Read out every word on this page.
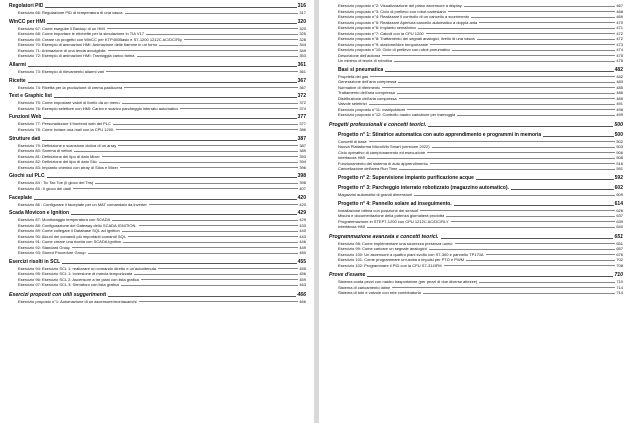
Regolatori PID	316
Esercizio 66: Regolazione PID di temperatura di una vasca	317
WinCC per HMI	320
Esercizio 67: Come eseguire il Backup di un HMI	320
Esercizio 68: Come importare le etichette per la simulazione in TIA V17	325
Esercizio 69: Creare un progetto con WinCC per KTP400Basic e S7-1200 1212C AC/DC/Rly	328
Esercizio 70: Esempio di animazioni HMI: Animazione delle fiamme in un forno	344
Esercizio 71: Animazione di una tenda avvolgibile	349
Esercizio 72: Esempio di animazioni HMI: Tramoggia carico farina	353
Allarmi	361
Esercizio 73: Esempio di rilevamento allarmi vari	361
Ricette	367
Esercizio 74: Ricetta per la produzione di crema pasticcera	367
Text e Graphic list	372
Esercizio 75: Come impostare valori di livello da un menu	372
Esercizio 76: Esempio selettore con HMI: Carico e scarico parcheggio interrato automatico	374
Funzioni Web	377
Esercizio 77: Personalizzare il frontend web del PLC	377
Esercizio 78: Come inviare una mail con la CPU 1200.	386
Strutture dati	387
Esercizio 79: Definizione e scansione ciclica di un array	387
Esercizio 80: Somma di vettori	389
Esercizio 81: Definizione del tipo di dato Mixer	393
Esercizio 82: Definizione del tipo di dato Silo	394
Esercizio 83: Impianto chimico con array di Silos e Mixer	396
Giochi sul PLC	398
Esercizio 84 : Tic Tac Toe (il gioco del Tris)	398
Esercizio 85 : Il gioco dei dadi	407
Faceplate	420
Esercizio 86 : Configurare il faceplate per un MAT comandato da inverter	420
Scada Movicon e Ignition	429
Esercizio 87: Monitoraggio temperatura con SCADA	429
Esercizio 88: Configurazione del Gateway dello SCADA IGNITION.	433
Esercizio 89: Come collegare il Database SQL ad Ignition	440
Esercizio 90: Alcuni dei comandi più importanti comandi SQL	443
Esercizio 91: Come creare una ricetta con SCADA Ignition	446
Esercizio 92: Standard Group	449
Esercizio 93: Stored Procedure Group	450
Esercizi risolti in SCL	455
Esercizio 94: Esercizio SCL 1: realizzare un comando diretto e un'autoritenuta	455
Esercizio 95: Esercizio SCL 1: Inversione di marcia temporizzata	456
Esercizio 96: Esercizio SCL 2: Ascensore a tre piani con lista grafica	459
Esercizio 97: Esercizio SCL 3: Semaforo con lista grafica	463
Esercizi proposti con utili suggerimenti	466
Esercizio proposto n°1: Automazione di un ascensore/montacarichi	466
Esercizio proposto n°2: Visualizzazione del piano ascensore a display.	467
Esercizio proposto n°3: Ciclo di prelievo con robot cartesiano	468
Esercizio proposto n°4: Realizzare il controllo di un cancello a scorrimento	469
Esercizio proposto n°5: Realizzare Apertura cancello automatico a doppia anta	470
Esercizio proposto n°6: Impianto semaforico	471
Esercizio proposto n°7: Calcoli con la CPU 1200	472
Esercizio proposto n°8: Trattamento dei segnali analogici, livello di una vasca	472
Esercizio proposto n°9: stazione/idee temporizzate	473
Esercizio proposto n°10: Ciclo di prelievo con robot pneumatico	474
Descrizione dell'automa	475
Un minimo di teoria di robotica	475
Basi si pneumatica	482
Proprietà dei gas	482
Generazione dell'aria compressa	483
Normative di riferimento	485
Trattamento dell'aria compressa	486
Distribuzione dell'aria compressa	489
Valvole selettrici	491
Esercizio proposto n°11: manipolatore	498
Esercizio proposto n°12: Controllo nastro caricatore per tramoggia	499
Progetti professionali e concetti teorici.	500
Progetto n° 1: Stiratrice automatica con auto apprendimento e programmi in memoria	500
Concetti di base	502
Nuova Piattaforma MicroWin Smart (versione 2022)	503
Ciclo operativo di campionamento ed esecuzione	506
Interfaccia HMI	508
Funzionamento del sistema di auto apprendimento	516
Cancellazione dell'area Run Time	591
Progetto n° 2: Supervisione impianto purificazione acque	592
Progetto n° 3: Parcheggio interrato robotizzato (magazzino automatico).	602
Magazzini automatici di grandi dimensioni	609
Progetto n° 4: Pannello solare ad inseguimento.	614
Installazione ottima con posizione dei sensori	626
Misura e documentazione della potenza giornaliera prodotta	637
Programmazione in STEP7-1200 con CPU 1212C AC/DC/RLY	639
Interfaccia HMI	640
Programmazione avanzata e concetti teorici.	651
Esercizio 98: Come implementare una sicurezza presenza uomo	651
Esercizio 99: Come caricare un segnale analogico	657
Esercizio 100: Un ascensore a quattro piani svolto con S7-300 e pannello TP170A	676
Esercizio 101: Come programmare un'uscita a impulsi per PTO e PWM	702
Esercizio 102: Programmare il PID con la CPU S7-314IFM	708
Prove d'esame	710
Sistema conta pezzi con nastro trasportatore (per pezzi di due diverse altezze)	710
Sistema di caricamento latine	714
Sistema di tubi e valvole con rete combinatoria	714
